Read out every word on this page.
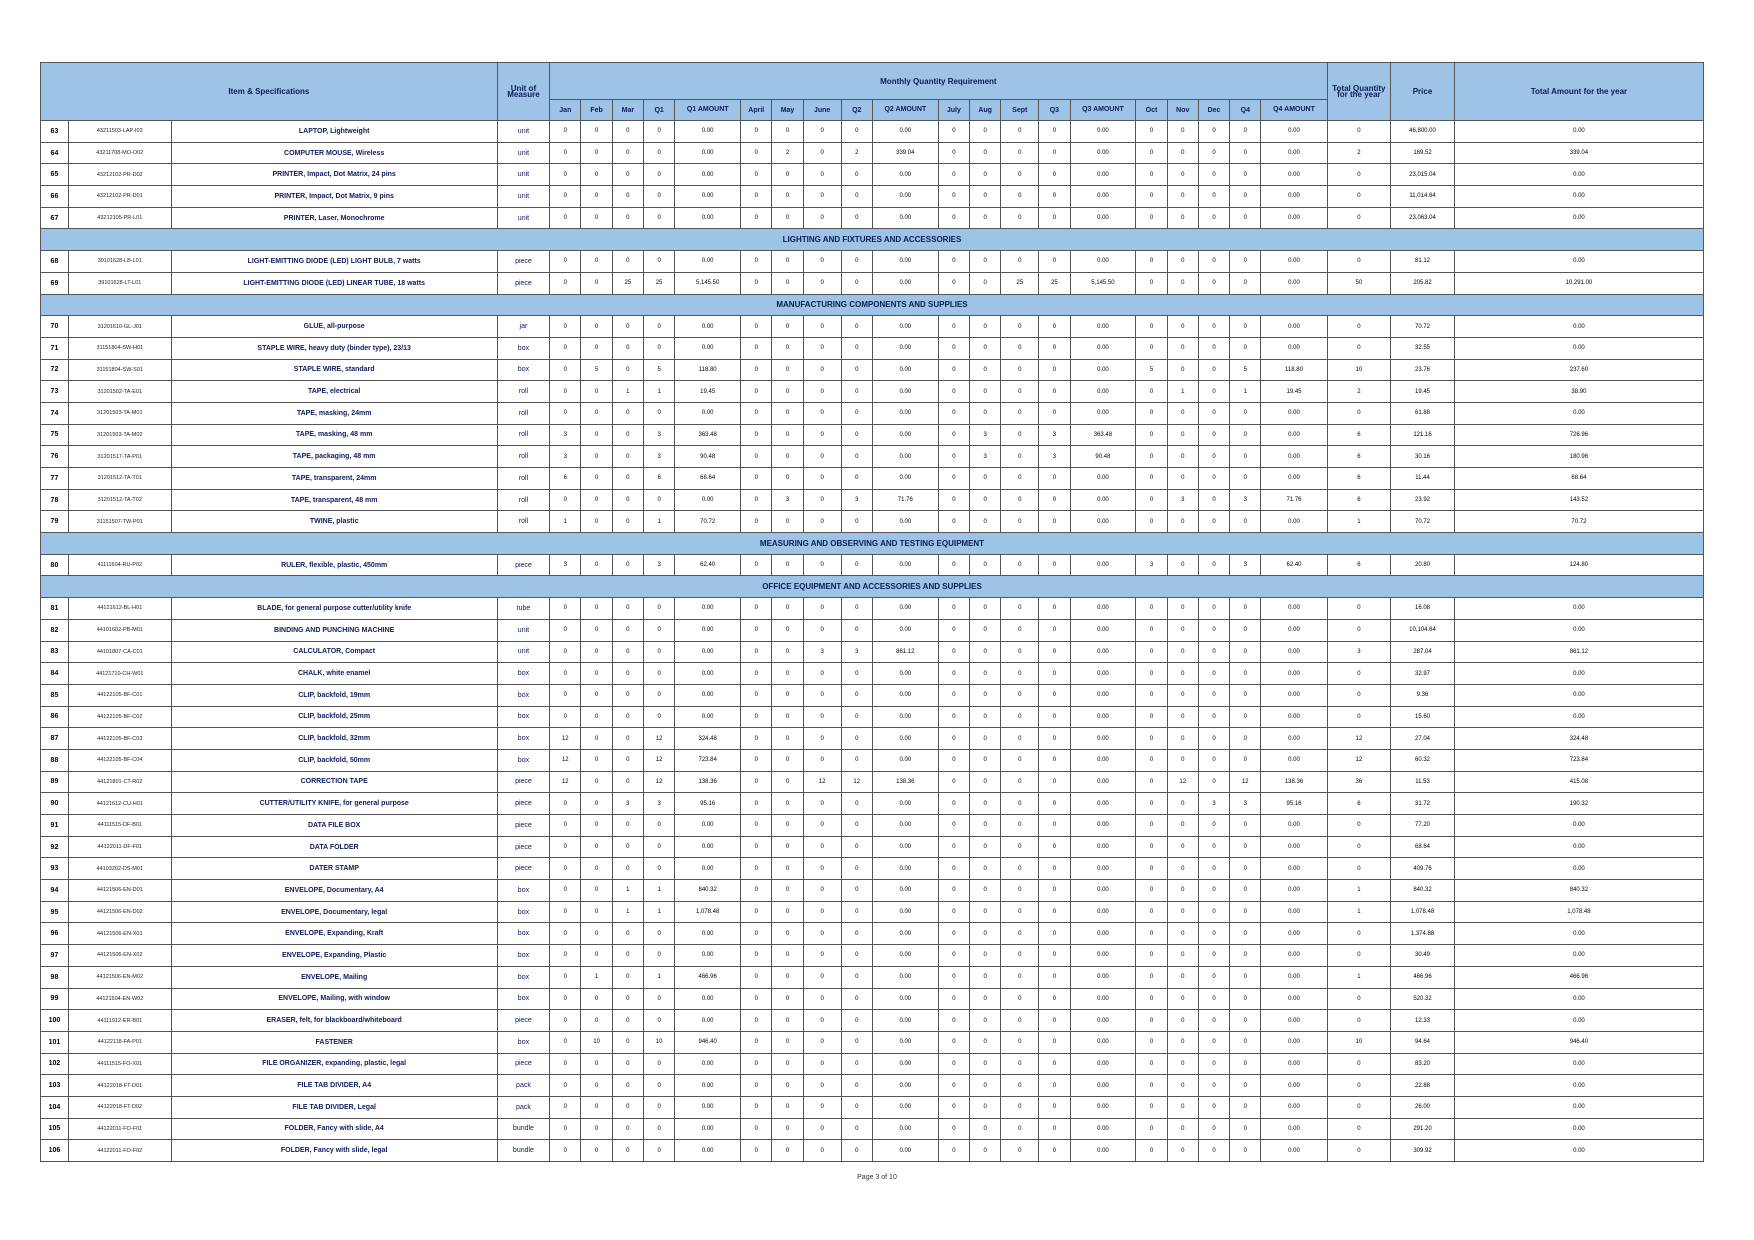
Item & Specifications			Unit of Measure	Monthly Quantity Requirement																				Total Quantity for the year	Price	Total Amount for the year
				Jan	Feb	Mar	Q1	Q1 AMOUNT	April	May	June	Q2	Q2 AMOUNT	July	Aug	Sept	Q3	Q3 AMOUNT	Oct	Nov	Dec	Q4	Q4 AMOUNT			
63	43211503-LAP-I03	LAPTOP, Lightweight	unit	0	0	0	0	0.00	0	0	0	0	0.00	0	0	0	0	0.00	0	0	0	0	0.00	0	46,800.00	0.00
64	43211708-MO-O02	COMPUTER MOUSE, Wireless	unit	0	0	0	0	0.00	0	2	0	2	339.04	0	0	0	0	0.00	0	0	0	0	0.00	2	169.52	339.04
65	43212102-PR-D02	PRINTER, Impact, Dot Matrix, 24 pins	unit	0	0	0	0	0.00	0	0	0	0	0.00	0	0	0	0	0.00	0	0	0	0	0.00	0	23,015.04	0.00
66	43212102-PR-D01	PRINTER, Impact, Dot Matrix, 9 pins	unit	0	0	0	0	0.00	0	0	0	0	0.00	0	0	0	0	0.00	0	0	0	0	0.00	0	11,014.64	0.00
67	43212105-PR-L01	PRINTER, Laser, Monochrome	unit	0	0	0	0	0.00	0	0	0	0	0.00	0	0	0	0	0.00	0	0	0	0	0.00	0	23,063.04	0.00
LIGHTING AND FIXTURES AND ACCESSORIES																										
68	39101628-LB-L01	LIGHT-EMITTING DIODE (LED) LIGHT BULB, 7 watts	piece	0	0	0	0	0.00	0	0	0	0	0.00	0	0	0	0	0.00	0	0	0	0	0.00	0	81.12	0.00
69	39101628-LT-L01	LIGHT-EMITTING DIODE (LED) LINEAR TUBE, 18 watts	piece	0	0	25	25	5,145.50	0	0	0	0	0.00	0	0	25	25	5,145.50	0	0	0	0	0.00	50	205.82	10,291.00
MANUFACTURING COMPONENTS AND SUPPLIES																										
70	31201610-GL-J01	GLUE, all-purpose	jar	0	0	0	0	0.00	0	0	0	0	0.00	0	0	0	0	0.00	0	0	0	0	0.00	0	70.72	0.00
71	31151804-SW-H01	STAPLE WIRE, heavy duty (binder type), 23/13	box	0	0	0	0	0.00	0	0	0	0	0.00	0	0	0	0	0.00	0	0	0	0	0.00	0	32.55	0.00
72	31151804-SW-S01	STAPLE WIRE, standard	box	0	5	0	5	118.80	0	0	0	0	0.00	0	0	0	0	0.00	5	0	0	5	118.80	10	23.76	237.60
73	31201502-TA-E01	TAPE, electrical	roll	0	0	1	1	19.45	0	0	0	0	0.00	0	0	0	0	0.00	0	1	0	1	19.45	2	19.45	38.90
74	31201503-TA-M01	TAPE, masking, 24mm	roll	0	0	0	0	0.00	0	0	0	0	0.00	0	0	0	0	0.00	0	0	0	0	0.00	0	61.88	0.00
75	31201503-TA-M02	TAPE, masking, 48 mm	roll	3	0	0	3	363.48	0	0	0	0	0.00	0	3	0	3	363.48	0	0	0	0	0.00	6	121.16	726.96
76	31201517-TA-P01	TAPE, packaging, 48 mm	roll	3	0	0	3	90.48	0	0	0	0	0.00	0	3	0	3	90.48	0	0	0	0	0.00	6	30.16	180.96
77	31201512-TA-T01	TAPE, transparent, 24mm	roll	6	0	0	6	68.64	0	0	0	0	0.00	0	0	0	0	0.00	0	0	0	0	0.00	6	11.44	68.64
78	31201512-TA-T02	TAPE, transparent, 48 mm	roll	0	0	0	0	0.00	0	3	0	3	71.76	0	0	0	0	0.00	0	3	0	3	71.76	6	23.92	143.52
79	31151507-TW-P01	TWINE, plastic	roll	1	0	0	1	70.72	0	0	0	0	0.00	0	0	0	0	0.00	0	0	0	0	0.00	1	70.72	70.72
MEASURING AND OBSERVING AND TESTING EQUIPMENT																										
80	41111604-RU-P02	RULER, flexible, plastic, 450mm	piece	3	0	0	3	62.40	0	0	0	0	0.00	0	0	0	0	0.00	3	0	0	3	62.40	6	20.80	124.80
OFFICE EQUIPMENT AND ACCESSORIES AND SUPPLIES																										
81	44121612-BL-H01	BLADE, for general purpose cutter/utility knife	tube	0	0	0	0	0.00	0	0	0	0	0.00	0	0	0	0	0.00	0	0	0	0	0.00	0	16.08	0.00
82	44101602-PB-M01	BINDING AND PUNCHING MACHINE	unit	0	0	0	0	0.00	0	0	0	0	0.00	0	0	0	0	0.00	0	0	0	0	0.00	0	10,104.64	0.00
83	44101807-CA-C01	CALCULATOR, Compact	unit	0	0	0	0	0.00	0	0	3	3	861.12	0	0	0	0	0.00	0	0	0	0	0.00	3	287.04	861.12
84	44121710-CH-W01	CHALK, white enamel	box	0	0	0	0	0.00	0	0	0	0	0.00	0	0	0	0	0.00	0	0	0	0	0.00	0	32.97	0.00
85	44122105-BF-C01	CLIP, backfold, 19mm	box	0	0	0	0	0.00	0	0	0	0	0.00	0	0	0	0	0.00	0	0	0	0	0.00	0	9.36	0.00
86	44122105-BF-C02	CLIP, backfold, 25mm	box	0	0	0	0	0.00	0	0	0	0	0.00	0	0	0	0	0.00	0	0	0	0	0.00	0	15.60	0.00
87	44122105-BF-C03	CLIP, backfold, 32mm	box	12	0	0	12	324.48	0	0	0	0	0.00	0	0	0	0	0.00	0	0	0	0	0.00	12	27.04	324.48
88	44122105-BF-C04	CLIP, backfold, 50mm	box	12	0	0	12	723.84	0	0	0	0	0.00	0	0	0	0	0.00	0	0	0	0	0.00	12	60.32	723.84
89	44121801-CT-R02	CORRECTION TAPE	piece	12	0	0	12	138.36	0	0	12	12	138.36	0	0	0	0	0.00	0	12	0	12	138.36	36	11.53	415.08
90	44121612-CU-H01	CUTTER/UTILITY KNIFE, for general purpose	piece	0	0	3	3	95.16	0	0	0	0	0.00	0	0	0	0	0.00	0	0	3	3	95.16	6	31.72	190.32
91	44111515-DF-B01	DATA FILE BOX	piece	0	0	0	0	0.00	0	0	0	0	0.00	0	0	0	0	0.00	0	0	0	0	0.00	0	77.20	0.00
92	44122011-DF-F01	DATA FOLDER	piece	0	0	0	0	0.00	0	0	0	0	0.00	0	0	0	0	0.00	0	0	0	0	0.00	0	68.64	0.00
93	44103202-DS-M01	DATER STAMP	piece	0	0	0	0	0.00	0	0	0	0	0.00	0	0	0	0	0.00	0	0	0	0	0.00	0	409.76	0.00
94	44121506-EN-D01	ENVELOPE, Documentary, A4	box	0	0	1	1	840.32	0	0	0	0	0.00	0	0	0	0	0.00	0	0	0	0	0.00	1	840.32	840.32
95	44121506-EN-D02	ENVELOPE, Documentary, legal	box	0	0	1	1	1,078.48	0	0	0	0	0.00	0	0	0	0	0.00	0	0	0	0	0.00	1	1,078.48	1,078.48
96	44121506-EN-X01	ENVELOPE, Expanding, Kraft	box	0	0	0	0	0.00	0	0	0	0	0.00	0	0	0	0	0.00	0	0	0	0	0.00	0	1,374.88	0.00
97	44121506-EN-X02	ENVELOPE, Expanding, Plastic	box	0	0	0	0	0.00	0	0	0	0	0.00	0	0	0	0	0.00	0	0	0	0	0.00	0	30.49	0.00
98	44121506-EN-M02	ENVELOPE, Mailing	box	0	1	0	1	466.96	0	0	0	0	0.00	0	0	0	0	0.00	0	0	0	0	0.00	1	466.96	466.96
99	44121504-EN-W02	ENVELOPE, Mailing, with window	box	0	0	0	0	0.00	0	0	0	0	0.00	0	0	0	0	0.00	0	0	0	0	0.00	0	520.32	0.00
100	44111912-ER-B01	ERASER, felt, for blackboard/whiteboard	piece	0	0	0	0	0.00	0	0	0	0	0.00	0	0	0	0	0.00	0	0	0	0	0.00	0	12.33	0.00
101	44122118-FA-P01	FASTENER	box	0	10	0	10	946.40	0	0	0	0	0.00	0	0	0	0	0.00	0	0	0	0	0.00	10	94.64	946.40
102	44111515-FO-X01	FILE ORGANIZER, expanding, plastic, legal	piece	0	0	0	0	0.00	0	0	0	0	0.00	0	0	0	0	0.00	0	0	0	0	0.00	0	83.20	0.00
103	44122018-FT-D01	FILE TAB DIVIDER, A4	pack	0	0	0	0	0.00	0	0	0	0	0.00	0	0	0	0	0.00	0	0	0	0	0.00	0	22.88	0.00
104	44122018-FT-D02	FILE TAB DIVIDER, Legal	pack	0	0	0	0	0.00	0	0	0	0	0.00	0	0	0	0	0.00	0	0	0	0	0.00	0	26.00	0.00
105	44122011-FO-F01	FOLDER, Fancy with slide, A4	bundle	0	0	0	0	0.00	0	0	0	0	0.00	0	0	0	0	0.00	0	0	0	0	0.00	0	291.20	0.00
106	44122011-FO-F02	FOLDER, Fancy with slide, legal	bundle	0	0	0	0	0.00	0	0	0	0	0.00	0	0	0	0	0.00	0	0	0	0	0.00	0	309.92	0.00
Page 3 of 10
